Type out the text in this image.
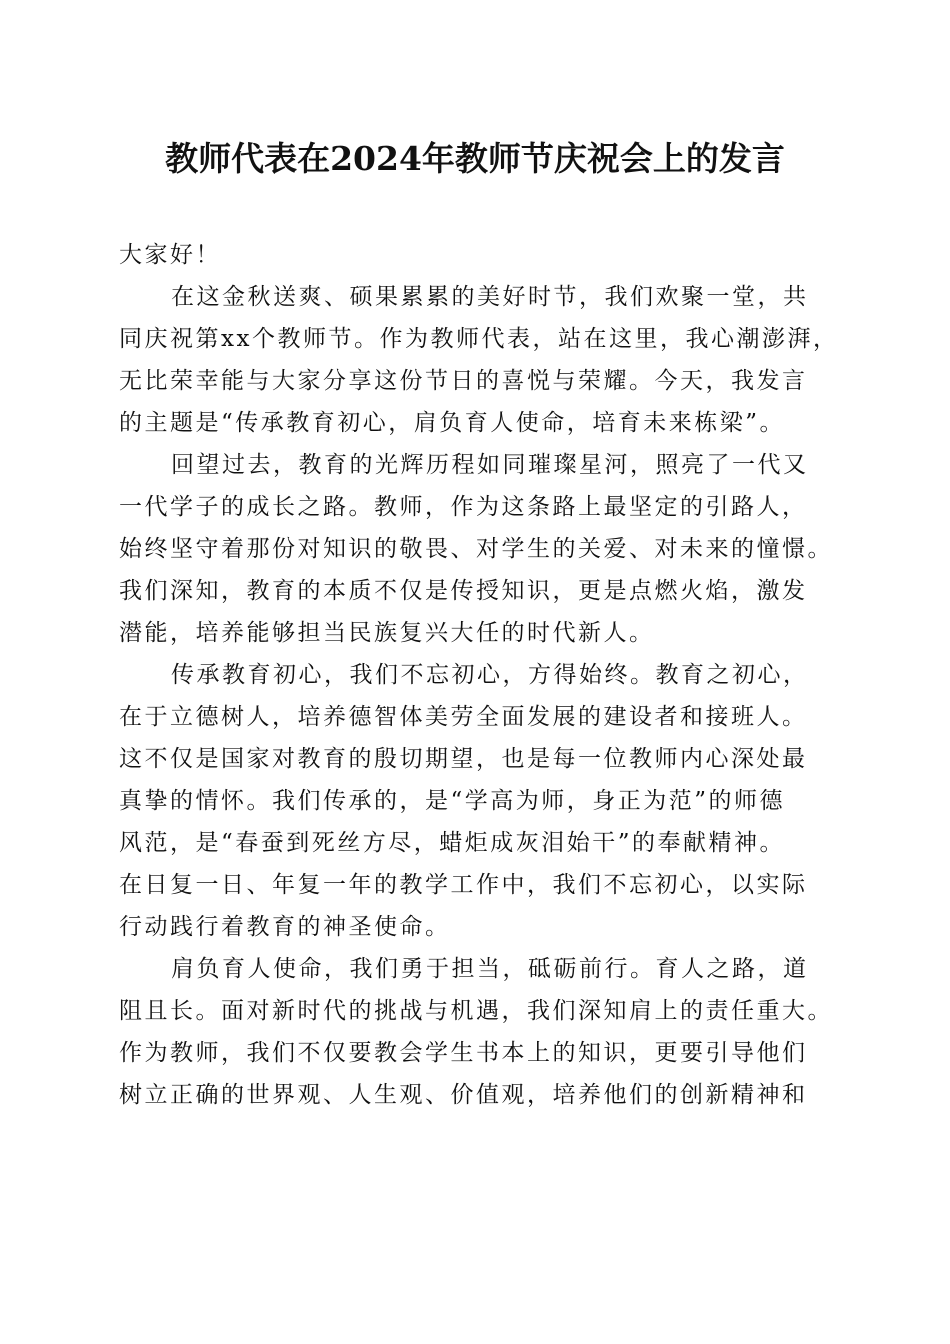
教师代表在2024年教师节庆祝会上的发言

大家好！

在这金秋送爽、硕果累累的美好时节，我们欢聚一堂，共
同庆祝第xx个教师节。作为教师代表，站在这里，我心潮澎湃，
无比荣幸能与大家分享这份节日的喜悦与荣耀。今天，我发言
的主题是“传承教育初心，肩负育人使命，培育未来栋梁”。
回望过去，教育的光辉历程如同璀璨星河，照亮了一代又
一代学子的成长之路。教师，作为这条路上最坚定的引路人，
始终坚守着那份对知识的敬畏、对学生的关爱、对未来的憧憬。
我们深知，教育的本质不仅是传授知识，更是点燃火焰，激发
潜能，培养能够担当民族复兴大任的时代新人。
传承教育初心，我们不忘初心，方得始终。教育之初心，
在于立德树人，培养德智体美劳全面发展的建设者和接班人。
这不仅是国家对教育的殷切期望，也是每一位教师内心深处最
真挚的情怀。我们传承的，是“学高为师，身正为范”的师德
风范，是“春蚕到死丝方尽，蜡炬成灰泪始干”的奉献精神。
在日复一日、年复一年的教学工作中，我们不忘初心，以实际
行动践行着教育的神圣使命。
肩负育人使命，我们勇于担当，砥砺前行。育人之路，道
阻且长。面对新时代的挑战与机遇，我们深知肩上的责任重大。
作为教师，我们不仅要教会学生书本上的知识，更要引导他们
树立正确的世界观、人生观、价值观，培养他们的创新精神和
